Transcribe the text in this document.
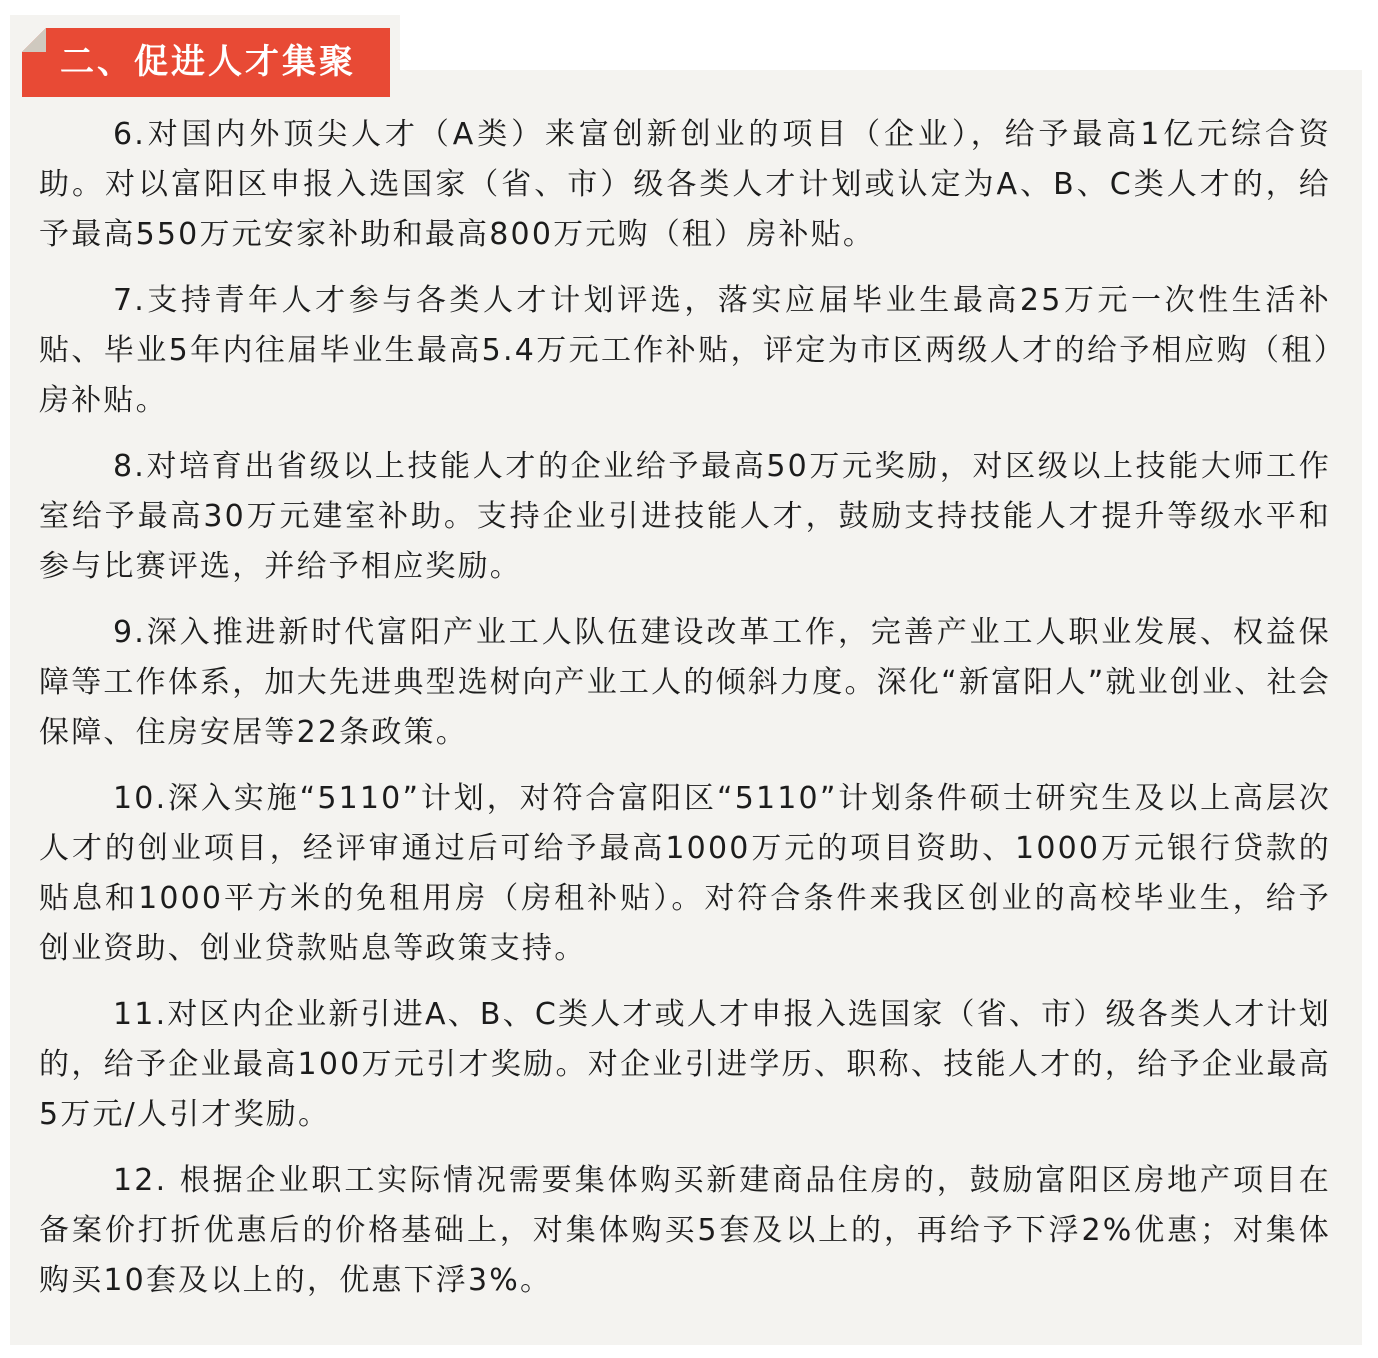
二、促进人才集聚

6.对国内外顶尖人才（A类）来富创新创业的项目（企业），给予最高1亿元综合资助。对以富阳区申报入选国家（省、市）级各类人才计划或认定为A、B、C类人才的，给予最高550万元安家补助和最高800万元购（租）房补贴。

7.支持青年人才参与各类人才计划评选，落实应届毕业生最高25万元一次性生活补贴、毕业5年内往届毕业生最高5.4万元工作补贴，评定为市区两级人才的给予相应购（租）房补贴。

8.对培育出省级以上技能人才的企业给予最高50万元奖励，对区级以上技能大师工作室给予最高30万元建室补助。支持企业引进技能人才，鼓励支持技能人才提升等级水平和参与比赛评选，并给予相应奖励。

9.深入推进新时代富阳产业工人队伍建设改革工作，完善产业工人职业发展、权益保障等工作体系，加大先进典型选树向产业工人的倾斜力度。深化“新富阳人”就业创业、社会保障、住房安居等22条政策。

10.深入实施“5110”计划，对符合富阳区“5110”计划条件硕士研究生及以上高层次人才的创业项目，经评审通过后可给予最高1000万元的项目资助、1000万元银行贷款的贴息和1000平方米的免租用房（房租补贴）。对符合条件来我区创业的高校毕业生，给予创业资助、创业贷款贴息等政策支持。

11.对区内企业新引进A、B、C类人才或人才申报入选国家（省、市）级各类人才计划的，给予企业最高100万元引才奖励。对企业引进学历、职称、技能人才的，给予企业最高5万元/人引才奖励。

12. 根据企业职工实际情况需要集体购买新建商品住房的，鼓励富阳区房地产项目在备案价打折优惠后的价格基础上，对集体购买5套及以上的，再给予下浮2%优惠；对集体购买10套及以上的，优惠下浮3%。
